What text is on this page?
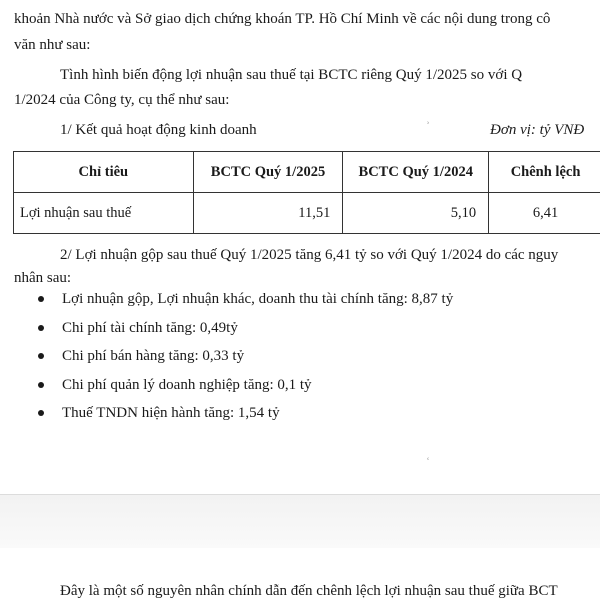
khoản Nhà nước và Sở giao dịch chứng khoán TP. Hồ Chí Minh về các nội dung trong cô
văn như sau:
Tình hình biến động lợi nhuận sau thuế tại BCTC riêng Quý 1/2025 so với Q
1/2024 của Công ty, cụ thể như sau:
1/ Kết quả hoạt động kinh doanh	Đơn vị: tỷ VNĐ
ʾ
Chỉ tiêu	BCTC Quý 1/2025	BCTC Quý 1/2024	Chênh lệch
Lợi nhuận sau thuế	11,51	5,10	6,41
2/ Lợi nhuận gộp sau thuế Quý 1/2025 tăng 6,41 tỷ so với Quý 1/2024 do các nguy
nhân sau:
Lợi nhuận gộp, Lợi nhuận khác, doanh thu tài chính tăng: 8,87 tỷ
Chi phí tài chính tăng: 0,49tỷ
Chi phí bán hàng tăng: 0,33 tỷ
Chi phí quản lý doanh nghiệp tăng: 0,1 tỷ
Thuế TNDN hiện hành tăng: 1,54 tỷ
ʿ
Đây là một số nguyên nhân chính dẫn đến chênh lệch lợi nhuận sau thuế giữa BCT
